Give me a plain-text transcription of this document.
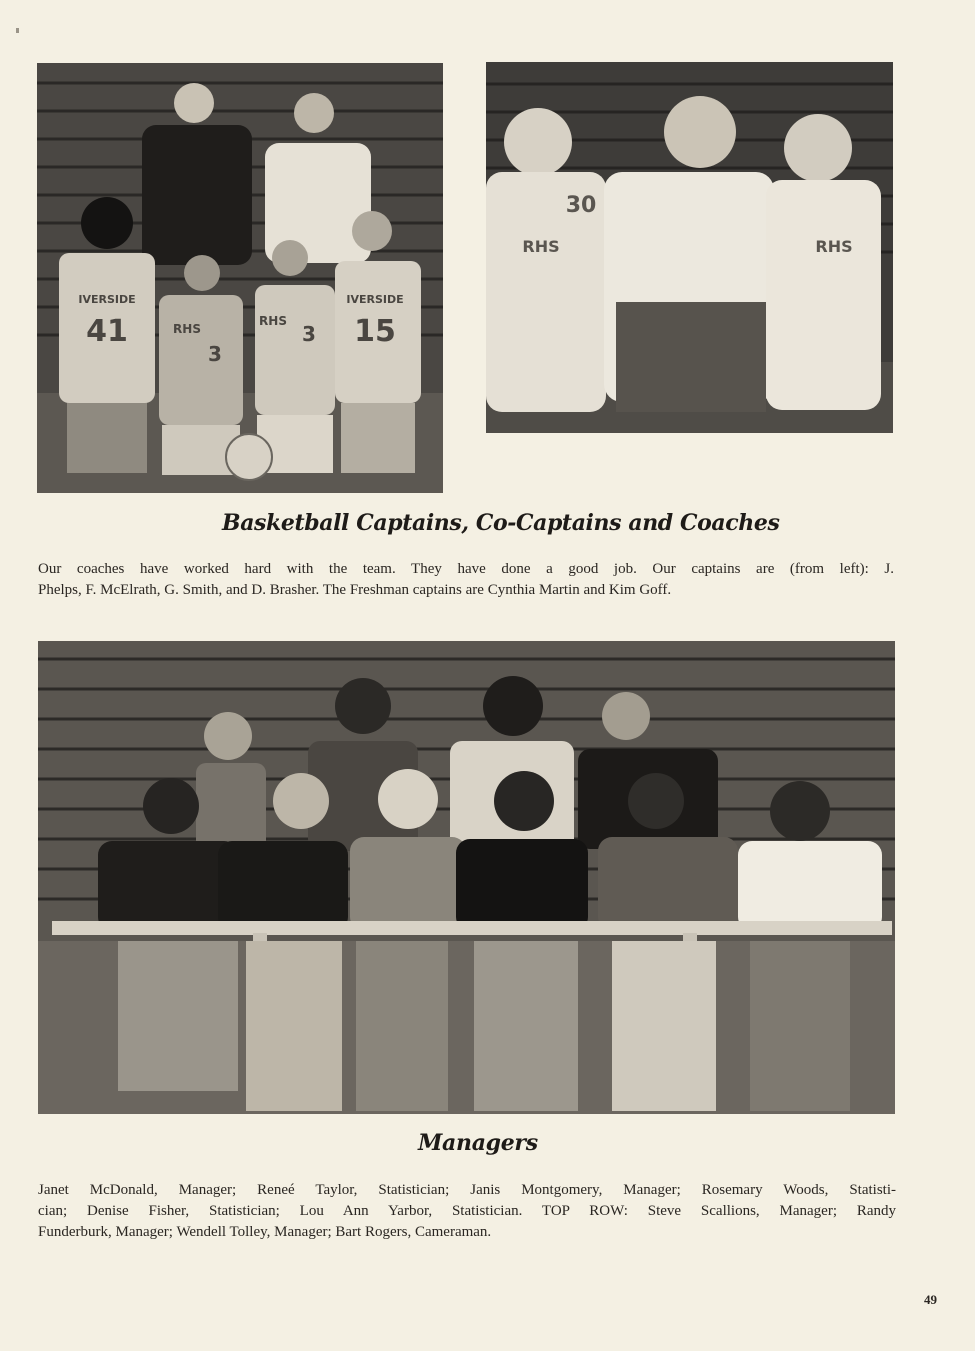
41
3
3 15
IVERSIDE
RHS
RHS
IVERSIDE
RHS
30
RHS
Basketball Captains, Co-Captains and Coaches
Our coaches have worked hard with the team. They have done a good job. Our captains are (from left): J.
Phelps, F. McElrath, G. Smith, and D. Brasher. The Freshman captains are Cynthia Martin and Kim Goff.
Managers
Janet McDonald, Manager; Reneé Taylor, Statistician; Janis Montgomery, Manager; Rosemary Woods, Statisti-
cian; Denise Fisher, Statistician; Lou Ann Yarbor, Statistician. TOP ROW: Steve Scallions, Manager; Randy
Funderburk, Manager; Wendell Tolley, Manager; Bart Rogers, Cameraman.
49
